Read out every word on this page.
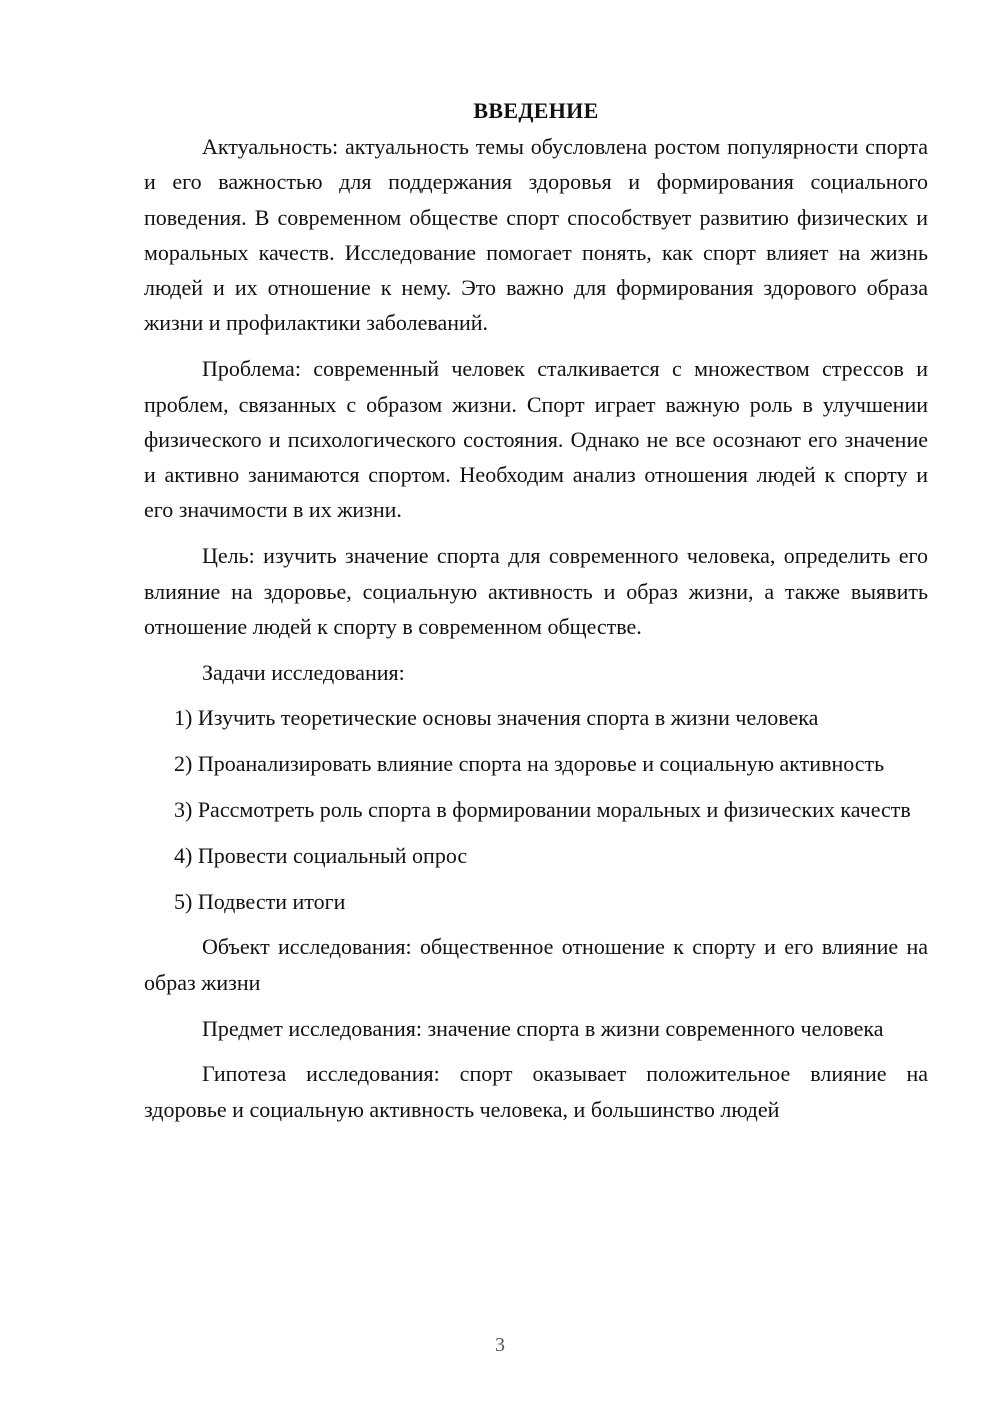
ВВЕДЕНИЕ

Актуальность: актуальность темы обусловлена ростом популярности спорта и его важностью для поддержания здоровья и формирования социального поведения. В современном обществе спорт способствует развитию физических и моральных качеств. Исследование помогает понять, как спорт влияет на жизнь людей и их отношение к нему. Это важно для формирования здорового образа жизни и профилактики заболеваний.

Проблема: современный человек сталкивается с множеством стрессов и проблем, связанных с образом жизни. Спорт играет важную роль в улучшении физического и психологического состояния. Однако не все осознают его значение и активно занимаются спортом. Необходим анализ отношения людей к спорту и его значимости в их жизни.

Цель: изучить значение спорта для современного человека, определить его влияние на здоровье, социальную активность и образ жизни, а также выявить отношение людей к спорту в современном обществе.

Задачи исследования:

1) Изучить теоретические основы значения спорта в жизни человека

2) Проанализировать влияние спорта на здоровье и социальную активность

3) Рассмотреть роль спорта в формировании моральных и физических качеств

4) Провести социальный опрос

5) Подвести итоги

Объект исследования: общественное отношение к спорту и его влияние на образ жизни

Предмет исследования: значение спорта в жизни современного человека

Гипотеза исследования: спорт оказывает положительное влияние на здоровье и социальную активность человека, и большинство людей

3
